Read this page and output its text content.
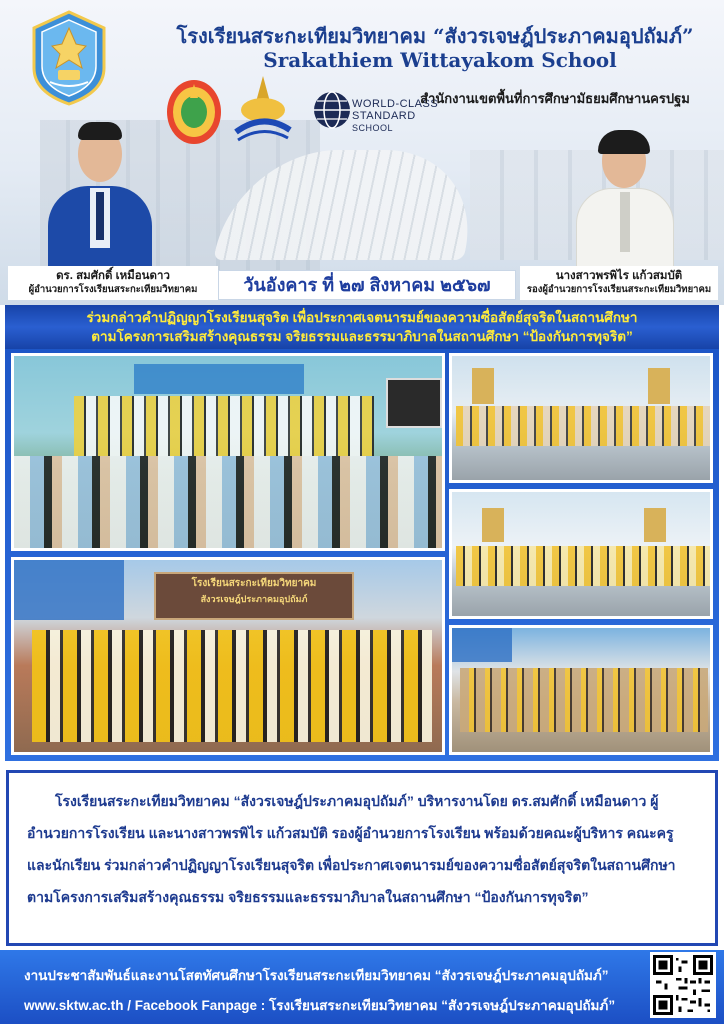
โรงเรียนสระกะเทียมวิทยาคม “สังวรเจษฎ์ประภาคมอุปถัมภ์”
Srakathiem Wittayakom School
WORLD-CLASS
STANDARD SCHOOL
สำนักงานเขตพื้นที่การศึกษามัธยมศึกษานครปฐม
ดร. สมศักดิ์ เหมือนดาว
ผู้อำนวยการโรงเรียนสระกะเทียมวิทยาคม	วันอังคาร ที่ ๒๗ สิงหาคม ๒๕๖๗	นางสาวพรพิไร แก้วสมบัติ
รองผู้อำนวยการโรงเรียนสระกะเทียมวิทยาคม
ร่วมกล่าวคำปฏิญญาโรงเรียนสุจริต เพื่อประกาศเจตนารมย์ของความซื่อสัตย์สุจริตในสถานศึกษา
ตามโครงการเสริมสร้างคุณธรรม จริยธรรมและธรรมาภิบาลในสถานศึกษา “ป้องกันการทุจริต”
โรงเรียนสระกะเทียมวิทยาคม
สังวรเจษฎ์ประภาคมอุปถัมภ์

โรงเรียนสระกะเทียมวิทยาคม “สังวรเจษฎ์ประภาคมอุปถัมภ์” บริหารงานโดย ดร.สมศักดิ์ เหมือนดาว ผู้อำนวยการโรงเรียน และนางสาวพรพิไร แก้วสมบัติ รองผู้อำนวยการโรงเรียน พร้อมด้วยคณะผู้บริหาร คณะครู และนักเรียน ร่วมกล่าวคำปฏิญญาโรงเรียนสุจริต เพื่อประกาศเจตนารมย์ของความซื่อสัตย์สุจริตในสถานศึกษา ตามโครงการเสริมสร้างคุณธรรม จริยธรรมและธรรมาภิบาลในสถานศึกษา “ป้องกันการทุจริต”

งานประชาสัมพันธ์และงานโสตทัศนศึกษาโรงเรียนสระกะเทียมวิทยาคม “สังวรเจษฎ์ประภาคมอุปถัมภ์”
www.sktw.ac.th / Facebook Fanpage : โรงเรียนสระกะเทียมวิทยาคม “สังวรเจษฎ์ประภาคมอุปถัมภ์”
